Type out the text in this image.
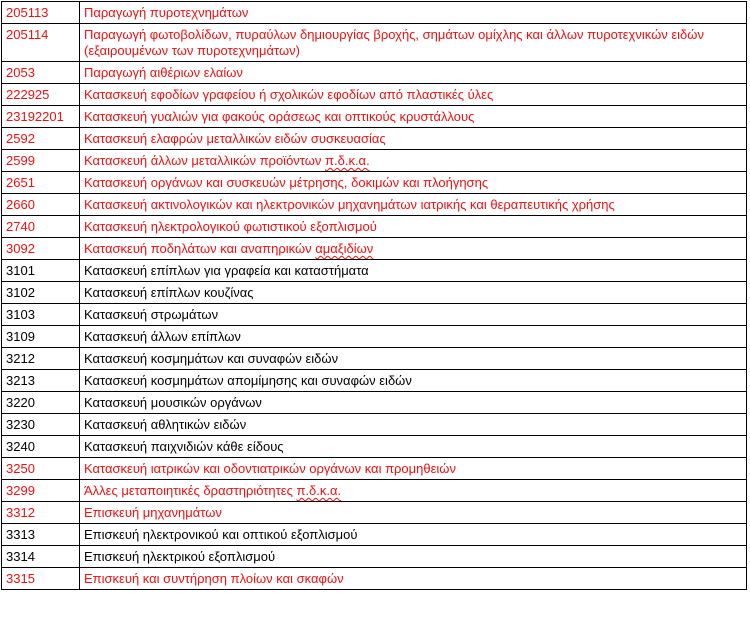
205113	Παραγωγή πυροτεχνημάτων
205114	Παραγωγή φωτοβολίδων, πυραύλων δημιουργίας βροχής, σημάτων ομίχλης και άλλων πυροτεχνικών ειδών (εξαιρουμένων των πυροτεχνημάτων)
2053	Παραγωγή αιθέριων ελαίων
222925	Κατασκευή εφοδίων γραφείου ή σχολικών εφοδίων από πλαστικές ύλες
23192201	Κατασκευή γυαλιών για φακούς οράσεως και οπτικούς κρυστάλλους
2592	Κατασκευή ελαφρών μεταλλικών ειδών συσκευασίας
2599	Κατασκευή άλλων μεταλλικών προϊόντων π.δ.κ.α.
2651	Κατασκευή οργάνων και συσκευών μέτρησης, δοκιμών και πλοήγησης
2660	Κατασκευή ακτινολογικών και ηλεκτρονικών μηχανημάτων ιατρικής και θεραπευτικής χρήσης
2740	Κατασκευή ηλεκτρολογικού φωτιστικού εξοπλισμού
3092	Κατασκευή ποδηλάτων και αναπηρικών αμαξιδίων
3101	Κατασκευή επίπλων για γραφεία και καταστήματα
3102	Κατασκευή επίπλων κουζίνας
3103	Κατασκευή στρωμάτων
3109	Κατασκευή άλλων επίπλων
3212	Κατασκευή κοσμημάτων και συναφών ειδών
3213	Κατασκευή κοσμημάτων απομίμησης και συναφών ειδών
3220	Κατασκευή μουσικών οργάνων
3230	Κατασκευή αθλητικών ειδών
3240	Κατασκευή παιχνιδιών κάθε είδους
3250	Κατασκευή ιατρικών και οδοντιατρικών οργάνων και προμηθειών
3299	Άλλες μεταποιητικές δραστηριότητες π.δ.κ.α.
3312	Επισκευή μηχανημάτων
3313	Επισκευή ηλεκτρονικού και οπτικού εξοπλισμού
3314	Επισκευή ηλεκτρικού εξοπλισμού
3315	Επισκευή και συντήρηση πλοίων και σκαφών
